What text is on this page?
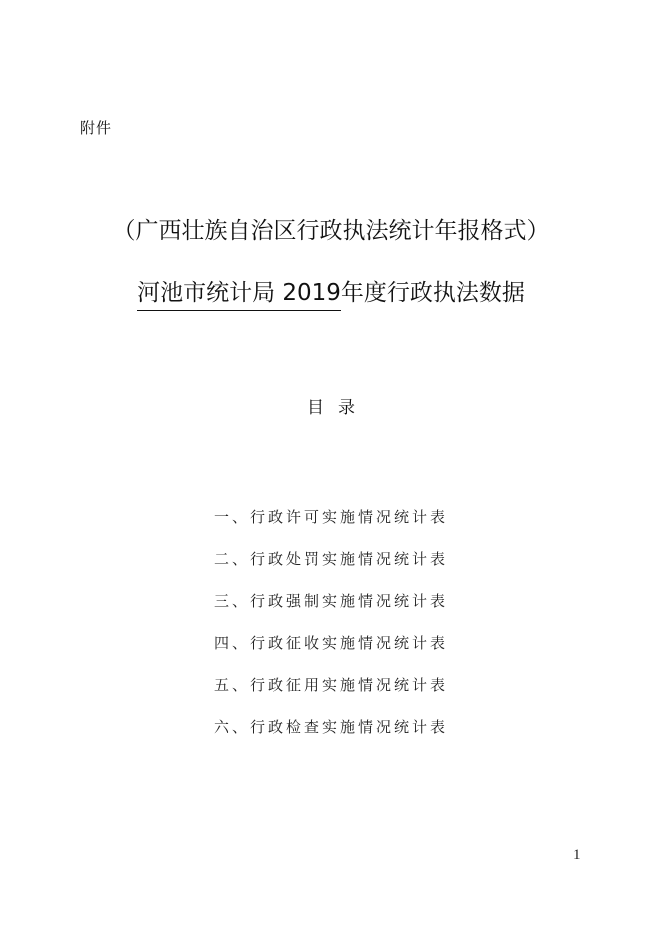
附件
（广西壮族自治区行政执法统计年报格式）
河池市统计局 2019年度行政执法数据
目录
一、行政许可实施情况统计表
二、行政处罚实施情况统计表
三、行政强制实施情况统计表
四、行政征收实施情况统计表
五、行政征用实施情况统计表
六、行政检查实施情况统计表
1
